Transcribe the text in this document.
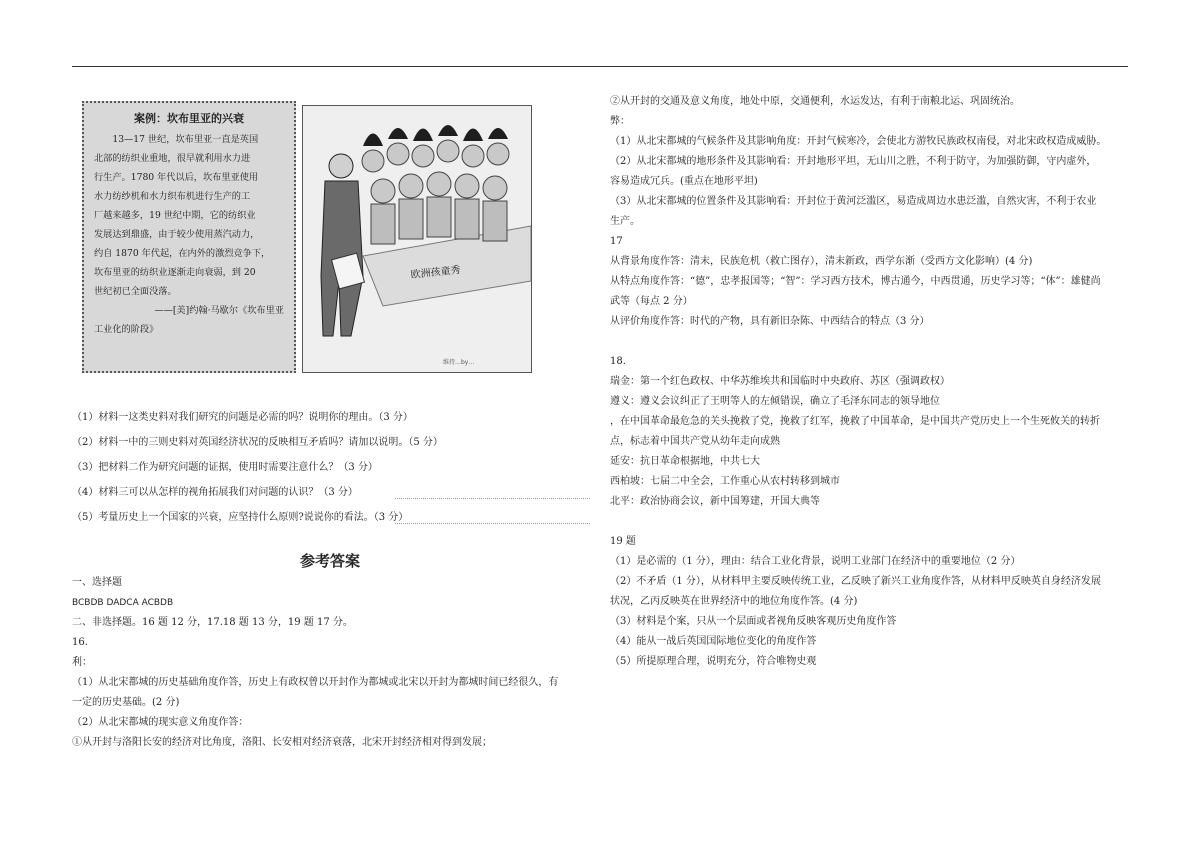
案例：坎布里亚的兴衰

13—17 世纪，坎布里亚一直是英国

北部的纺织业重地，很早就利用水力进

行生产。1780 年代以后，坎布里亚使用

水力纺纱机和水力织布机进行生产的工

厂越来越多，19 世纪中期，它的纺织业

发展达到鼎盛，由于较少使用蒸汽动力，

约自 1870 年代起，在内外的激烈竞争下，

坎布里亚的纺织业逐渐走向衰弱，到 20

世纪初已全面没落。

——[美]约翰·马歇尔《坎布里亚

工业化的阶段》

欧洲孩童秀
维持…by…

（1）材料一这类史料对我们研究的问题是必需的吗？说明你的理由。（3 分）

（2）材料一中的三则史料对英国经济状况的反映相互矛盾吗？请加以说明。（5 分）

（3）把材料二作为研究问题的证据，使用时需要注意什么？（3 分）

（4）材料三可以从怎样的视角拓展我们对问题的认识？（3 分）

（5）考量历史上一个国家的兴衰，应坚持什么原则?说说你的看法。（3 分）

参考答案

一、选择题

BCBDB DADCA ACBDB

二、非选择题。16 题 12 分，17.18 题 13 分，19 题 17 分。

16.

利：

（1）从北宋都城的历史基础角度作答，历史上有政权曾以开封作为都城或北宋以开封为都城时间已经很久，有

一定的历史基础。(2 分)

（2）从北宋都城的现实意义角度作答：

①从开封与洛阳长安的经济对比角度，洛阳、长安相对经济衰落，北宋开封经济相对得到发展；

②从开封的交通及意义角度，地处中原，交通便利，水运发达，有利于南粮北运、巩固统治。

弊：

（1）从北宋都城的气候条件及其影响角度：开封气候寒冷，会使北方游牧民族政权南侵，对北宋政权造成威胁。

（2）从北宋都城的地形条件及其影响看：开封地形平坦，无山川之胜，不利于防守，为加强防御，守内虚外，

容易造成冗兵。(重点在地形平坦)

（3）从北宋都城的位置条件及其影响看：开封位于黄河泛滥区，易造成周边水患泛滥，自然灾害，不利于农业

生产。

17

从背景角度作答：清末，民族危机（救亡图存），清末新政，西学东渐（受西方文化影响）(4 分)

从特点角度作答：“德”，忠孝报国等；“智”：学习西方技术，博古通今，中西贯通，历史学习等；“体”：雄健尚

武等（每点 2 分）

从评价角度作答：时代的产物，具有新旧杂陈、中西结合的特点（3 分）

18.

瑞金：第一个红色政权、中华苏维埃共和国临时中央政府、苏区（强调政权）

遵义：遵义会议纠正了王明等人的左倾错误，确立了毛泽东同志的领导地位

，在中国革命最危急的关头挽救了党，挽救了红军，挽救了中国革命，是中国共产党历史上一个生死攸关的转折

点，标志着中国共产党从幼年走向成熟

延安：抗日革命根据地，中共七大

西柏坡：七届二中全会，工作重心从农村转移到城市

北平：政治协商会议，新中国筹建，开国大典等

19 题

（1）是必需的（1 分），理由：结合工业化背景，说明工业部门在经济中的重要地位（2 分）

（2）不矛盾（1 分），从材料甲主要反映传统工业，乙反映了新兴工业角度作答，从材料甲反映英自身经济发展

状况，乙丙反映英在世界经济中的地位角度作答。(4 分)

（3）材料是个案，只从一个层面或者视角反映客观历史角度作答

（4）能从一战后英国国际地位变化的角度作答

（5）所提原理合理，说明充分，符合唯物史观
